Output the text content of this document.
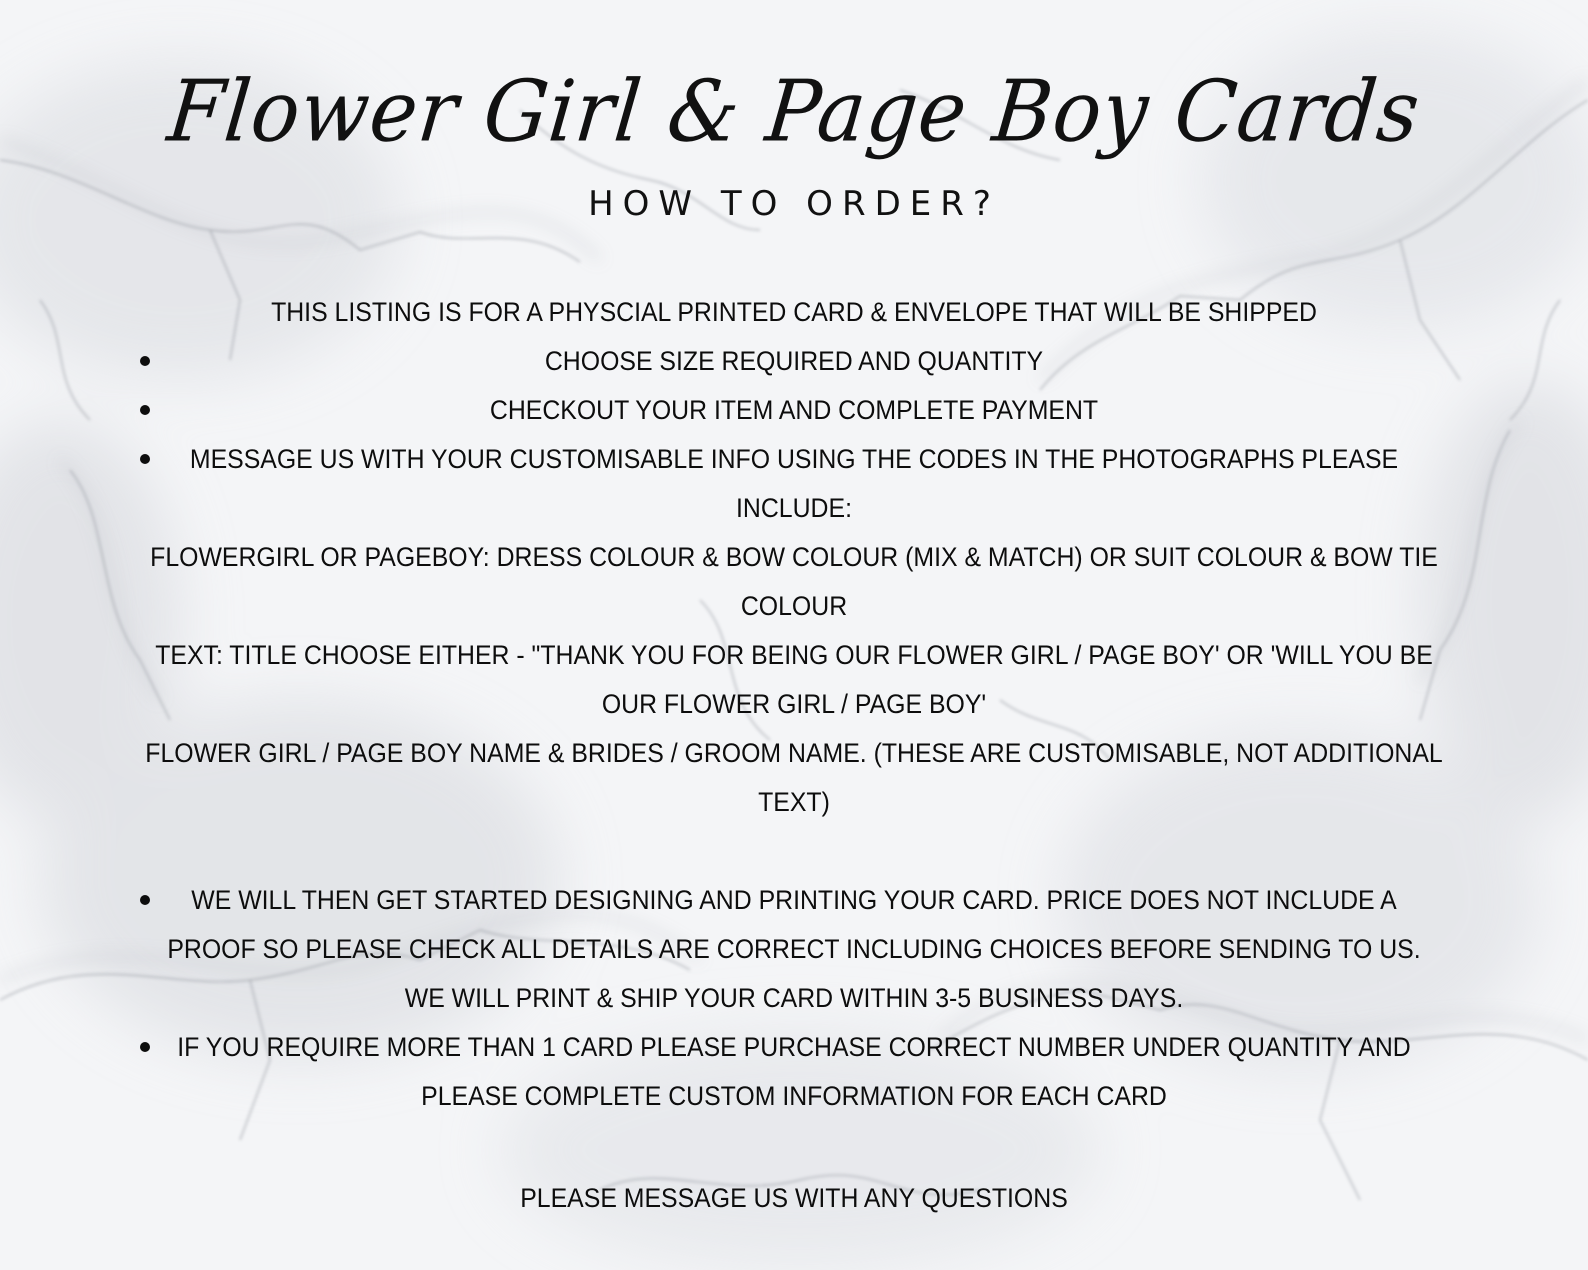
Flower Girl & Page Boy Cards
HOW TO ORDER?
THIS LISTING IS FOR A PHYSCIAL PRINTED CARD & ENVELOPE THAT WILL BE SHIPPED
CHOOSE SIZE REQUIRED AND QUANTITY
CHECKOUT YOUR ITEM AND COMPLETE PAYMENT
MESSAGE US WITH YOUR CUSTOMISABLE INFO USING THE CODES IN THE PHOTOGRAPHS PLEASE
INCLUDE:
FLOWERGIRL OR PAGEBOY: DRESS COLOUR & BOW COLOUR (MIX & MATCH) OR SUIT COLOUR & BOW TIE
COLOUR
TEXT: TITLE CHOOSE EITHER - "THANK YOU FOR BEING OUR FLOWER GIRL / PAGE BOY' OR 'WILL YOU BE
OUR FLOWER GIRL / PAGE BOY'
FLOWER GIRL / PAGE BOY NAME & BRIDES / GROOM NAME. (THESE ARE CUSTOMISABLE, NOT ADDITIONAL
TEXT)
WE WILL THEN GET STARTED DESIGNING AND PRINTING YOUR CARD. PRICE DOES NOT INCLUDE A
PROOF SO PLEASE CHECK ALL DETAILS ARE CORRECT INCLUDING CHOICES BEFORE SENDING TO US.
WE WILL PRINT & SHIP YOUR CARD WITHIN 3-5 BUSINESS DAYS.
IF YOU REQUIRE MORE THAN 1 CARD PLEASE PURCHASE CORRECT NUMBER UNDER QUANTITY AND
PLEASE COMPLETE CUSTOM INFORMATION FOR EACH CARD
PLEASE MESSAGE US WITH ANY QUESTIONS
